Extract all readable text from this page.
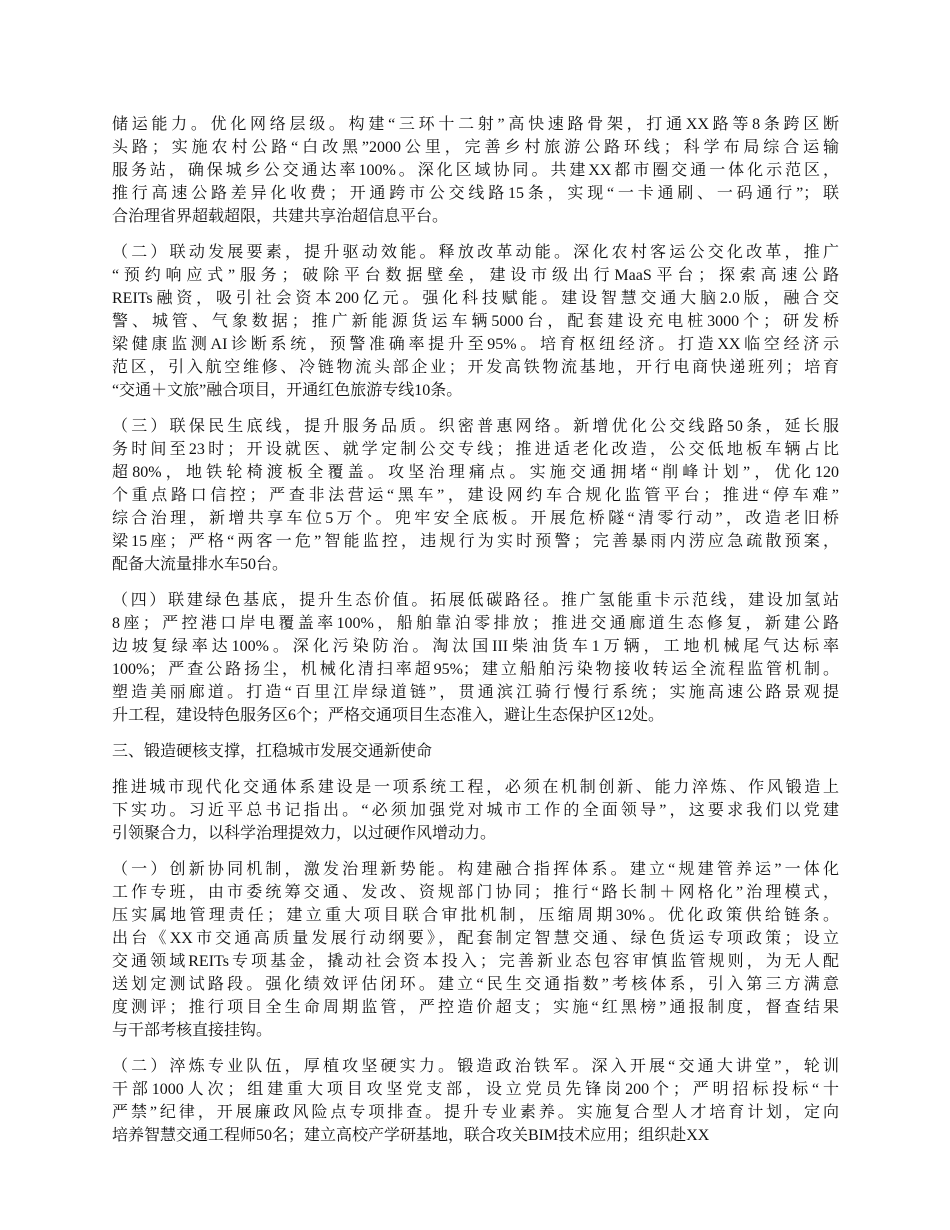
储运能力。优化网络层级。构建“三环十二射”高快速路骨架，打通XX路等8条跨区断
头路；实施农村公路“白改黑”2000公里，完善乡村旅游公路环线；科学布局综合运输
服务站，确保城乡公交通达率100%。深化区域协同。共建XX都市圈交通一体化示范区，
推行高速公路差异化收费；开通跨市公交线路15条，实现“一卡通刷、一码通行”；联
合治理省界超载超限，共建共享治超信息平台。
（二）联动发展要素，提升驱动效能。释放改革动能。深化农村客运公交化改革，推广
“预约响应式”服务；破除平台数据壁垒，建设市级出行MaaS平台；探索高速公路
REITs融资，吸引社会资本200亿元。强化科技赋能。建设智慧交通大脑2.0版，融合交
警、城管、气象数据；推广新能源货运车辆5000台，配套建设充电桩3000个；研发桥
梁健康监测AI诊断系统，预警准确率提升至95%。培育枢纽经济。打造XX临空经济示
范区，引入航空维修、冷链物流头部企业；开发高铁物流基地，开行电商快递班列；培育
“交通＋文旅”融合项目，开通红色旅游专线10条。
（三）联保民生底线，提升服务品质。织密普惠网络。新增优化公交线路50条，延长服
务时间至23时；开设就医、就学定制公交专线；推进适老化改造，公交低地板车辆占比
超80%，地铁轮椅渡板全覆盖。攻坚治理痛点。实施交通拥堵“削峰计划”，优化120
个重点路口信控；严查非法营运“黑车”，建设网约车合规化监管平台；推进“停车难”
综合治理，新增共享车位5万个。兜牢安全底板。开展危桥隧“清零行动”，改造老旧桥
梁15座；严格“两客一危”智能监控，违规行为实时预警；完善暴雨内涝应急疏散预案，
配备大流量排水车50台。
（四）联建绿色基底，提升生态价值。拓展低碳路径。推广氢能重卡示范线，建设加氢站
8座；严控港口岸电覆盖率100%，船舶靠泊零排放；推进交通廊道生态修复，新建公路
边坡复绿率达100%。深化污染防治。淘汰国III柴油货车1万辆，工地机械尾气达标率
100%；严查公路扬尘，机械化清扫率超95%；建立船舶污染物接收转运全流程监管机制。
塑造美丽廊道。打造“百里江岸绿道链”，贯通滨江骑行慢行系统；实施高速公路景观提
升工程，建设特色服务区6个；严格交通项目生态准入，避让生态保护区12处。
三、锻造硬核支撑，扛稳城市发展交通新使命
推进城市现代化交通体系建设是一项系统工程，必须在机制创新、能力淬炼、作风锻造上
下实功。习近平总书记指出。“必须加强党对城市工作的全面领导”，这要求我们以党建
引领聚合力，以科学治理提效力，以过硬作风增动力。
（一）创新协同机制，激发治理新势能。构建融合指挥体系。建立“规建管养运”一体化
工作专班，由市委统筹交通、发改、资规部门协同；推行“路长制＋网格化”治理模式，
压实属地管理责任；建立重大项目联合审批机制，压缩周期30%。优化政策供给链条。
出台《XX市交通高质量发展行动纲要》，配套制定智慧交通、绿色货运专项政策；设立
交通领域REITs专项基金，撬动社会资本投入；完善新业态包容审慎监管规则，为无人配
送划定测试路段。强化绩效评估闭环。建立“民生交通指数”考核体系，引入第三方满意
度测评；推行项目全生命周期监管，严控造价超支；实施“红黑榜”通报制度，督查结果
与干部考核直接挂钩。
（二）淬炼专业队伍，厚植攻坚硬实力。锻造政治铁军。深入开展“交通大讲堂”，轮训
干部1000人次；组建重大项目攻坚党支部，设立党员先锋岗200个；严明招标投标“十
严禁”纪律，开展廉政风险点专项排查。提升专业素养。实施复合型人才培育计划，定向
培养智慧交通工程师50名；建立高校产学研基地，联合攻关BIM技术应用；组织赴XX
